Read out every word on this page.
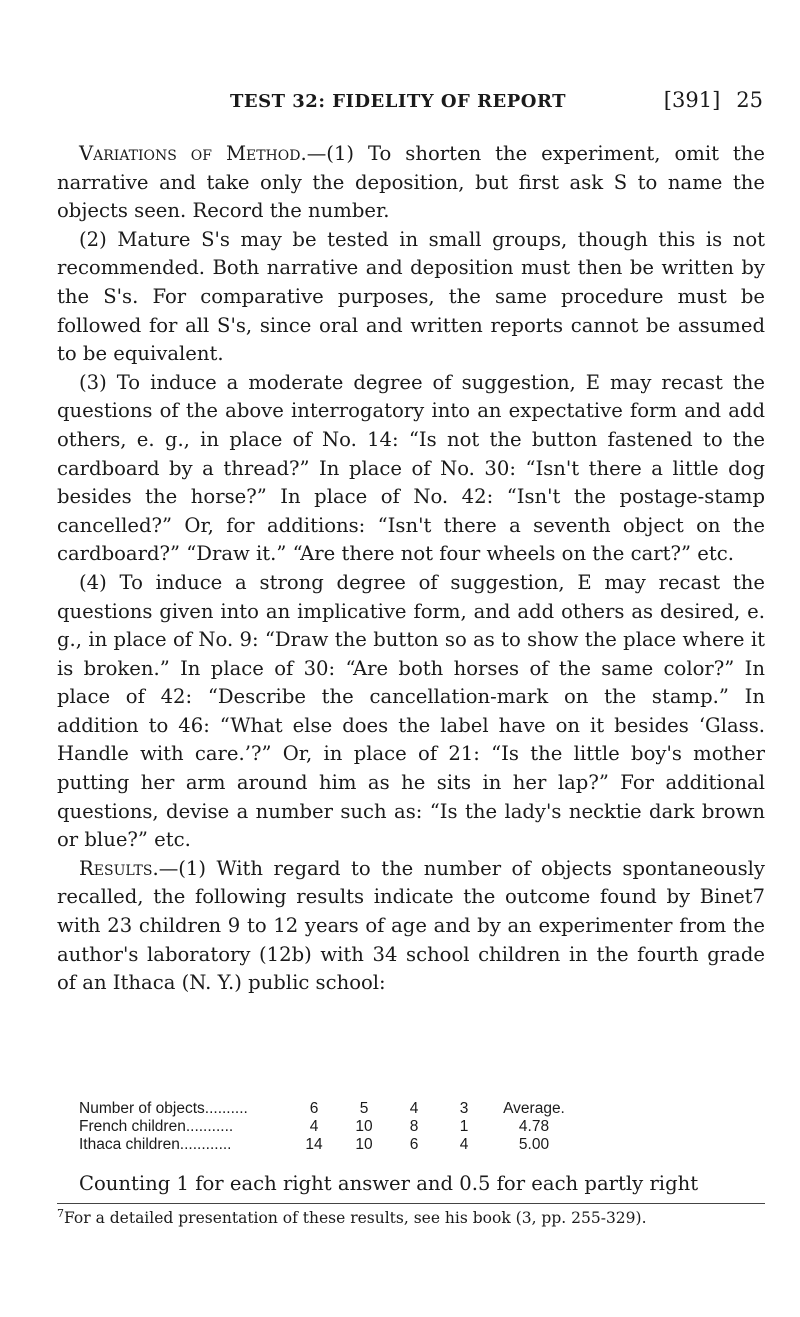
TEST 32: FIDELITY OF REPORT	[391] 25

Variations of Method.—(1) To shorten the experiment, omit the narrative and take only the deposition, but first ask S to name the objects seen. Record the number.

(2) Mature S's may be tested in small groups, though this is not recommended. Both narrative and deposition must then be written by the S's. For comparative purposes, the same procedure must be followed for all S's, since oral and written reports cannot be assumed to be equivalent.

(3) To induce a moderate degree of suggestion, E may recast the questions of the above interrogatory into an expectative form and add others, e. g., in place of No. 14: “Is not the button fastened to the cardboard by a thread?” In place of No. 30: “Isn't there a little dog besides the horse?” In place of No. 42: “Isn't the postage-stamp cancelled?” Or, for additions: “Isn't there a seventh object on the cardboard?” “Draw it.” “Are there not four wheels on the cart?” etc.

(4) To induce a strong degree of suggestion, E may recast the questions given into an implicative form, and add others as desired, e. g., in place of No. 9: “Draw the button so as to show the place where it is broken.” In place of 30: “Are both horses of the same color?” In place of 42: “Describe the cancellation-mark on the stamp.” In addition to 46: “What else does the label have on it besides ‘Glass. Handle with care.’?” Or, in place of 21: “Is the little boy's mother putting her arm around him as he sits in her lap?” For additional questions, devise a number such as: “Is the lady's necktie dark brown or blue?” etc.

Results.—(1) With regard to the number of objects spontaneously recalled, the following results indicate the outcome found by Binet7 with 23 children 9 to 12 years of age and by an experimenter from the author's laboratory (12b) with 34 school children in the fourth grade of an Ithaca (N. Y.) public school:

Number of objects..........	6	5	4	3	Average.
French children...........	4	10	8	1	4.78
Ithaca children............	14	10	6	4	5.00
Counting 1 for each right answer and 0.5 for each partly right
$^7$For a detailed presentation of these results, see his book (3, pp. 255-329).
